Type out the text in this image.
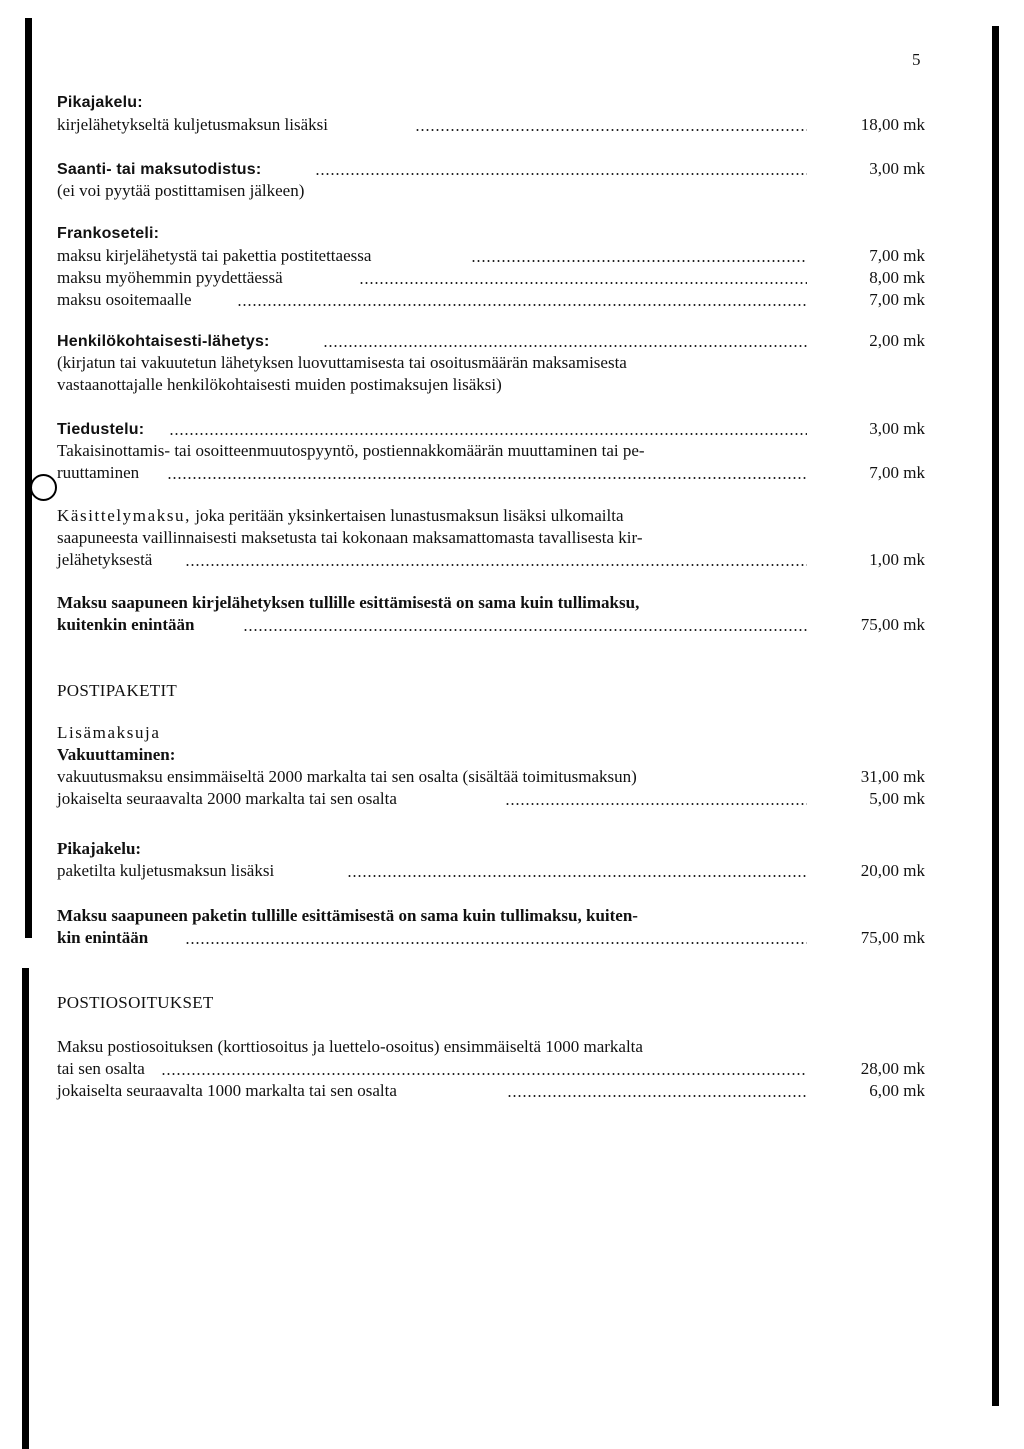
5
Pikajakelu:
kirjelähetykseltä kuljetusmaksun lisäksi	18,00 mk
Saanti- tai maksutodistus:	3,00 mk
(ei voi pyytää postittamisen jälkeen)
Frankoseteli:
maksu kirjelähetystä tai pakettia postitettaessa	7,00 mk
maksu myöhemmin pyydettäessä	8,00 mk
maksu osoitemaalle	7,00 mk
Henkilökohtaisesti-lähetys:	2,00 mk
(kirjatun tai vakuutetun lähetyksen luovuttamisesta tai osoitusmäärän maksamisesta
vastaanottajalle henkilökohtaisesti muiden postimaksujen lisäksi)
Tiedustelu:	3,00 mk
Takaisinottamis- tai osoitteenmuutospyyntö, postiennakkomäärän muuttaminen tai pe-
ruuttaminen	7,00 mk
Käsittelymaksu, joka peritään yksinkertaisen lunastusmaksun lisäksi ulkomailta
saapuneesta vaillinnaisesti maksetusta tai kokonaan maksamattomasta tavallisesta kir-
jelähetyksestä	1,00 mk
Maksu saapuneen kirjelähetyksen tullille esittämisestä on sama kuin tullimaksu,
kuitenkin enintään	75,00 mk
POSTIPAKETIT
Lisämaksuja
Vakuuttaminen:
vakuutusmaksu ensimmäiseltä 2000 markalta tai sen osalta (sisältää toimitusmaksun)	31,00 mk
jokaiselta seuraavalta 2000 markalta tai sen osalta	5,00 mk
Pikajakelu:
paketilta kuljetusmaksun lisäksi	20,00 mk
Maksu saapuneen paketin tullille esittämisestä on sama kuin tullimaksu, kuiten-
kin enintään	75,00 mk
POSTIOSOITUKSET
Maksu postiosoituksen (korttiosoitus ja luettelo-osoitus) ensimmäiseltä 1000 markalta
tai sen osalta	28,00 mk
jokaiselta seuraavalta 1000 markalta tai sen osalta	6,00 mk
